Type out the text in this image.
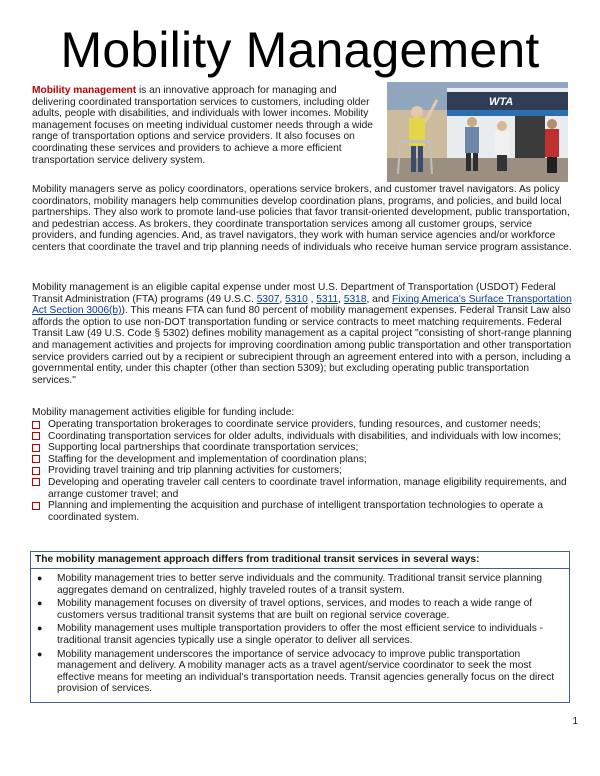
Mobility Management

Mobility management is an innovative approach for managing and delivering coordinated transportation services to customers, including older adults, people with disabilities, and individuals with lower incomes. Mobility management focuses on meeting individual customer needs through a wide range of transportation options and service providers. It also focuses on coordinating these services and providers to achieve a more efficient transportation service delivery system.

WTA

Mobility managers serve as policy coordinators, operations service brokers, and customer travel navigators. As policy coordinators, mobility managers help communities develop coordination plans, programs, and policies, and build local partnerships. They also work to promote land-use policies that favor transit-oriented development, public transportation, and pedestrian access. As brokers, they coordinate transportation services among all customer groups, service providers, and funding agencies. And, as travel navigators, they work with human service agencies and/or workforce centers that coordinate the travel and trip planning needs of individuals who receive human service program assistance.

Mobility management is an eligible capital expense under most U.S. Department of Transportation (USDOT) Federal Transit Administration (FTA) programs (49 U.S.C. 5307, 5310 , 5311, 5318, and Fixing America's Surface Transportation Act Section 3006(b)). This means FTA can fund 80 percent of mobility management expenses. Federal Transit Law also affords the option to use non-DOT transportation funding or service contracts to meet matching requirements. Federal Transit Law (49 U.S. Code § 5302) defines mobility management as a capital project "consisting of short-range planning and management activities and projects for improving coordination among public transportation and other transportation service providers carried out by a recipient or subrecipient through an agreement entered into with a person, including a governmental entity, under this chapter (other than section 5309); but excluding operating public transportation services."

Mobility management activities eligible for funding include:

Operating transportation brokerages to coordinate service providers, funding resources, and customer needs;
Coordinating transportation services for older adults, individuals with disabilities, and individuals with low incomes;
Supporting local partnerships that coordinate transportation services;
Staffing for the development and implementation of coordination plans;
Providing travel training and trip planning activities for customers;
Developing and operating traveler call centers to coordinate travel information, manage eligibility requirements, and arrange customer travel; and
Planning and implementing the acquisition and purchase of intelligent transportation technologies to operate a coordinated system.
The mobility management approach differs from traditional transit services in several ways:
●	Mobility management tries to better serve individuals and the community. Traditional transit service planning aggregates demand on centralized, highly traveled routes of a transit system.
●	Mobility management focuses on diversity of travel options, services, and modes to reach a wide range of customers versus traditional transit systems that are built on regional service coverage.
●	Mobility management uses multiple transportation providers to offer the most efficient service to individuals - traditional transit agencies typically use a single operator to deliver all services.
●	Mobility management underscores the importance of service advocacy to improve public transportation management and delivery. A mobility manager acts as a travel agent/service coordinator to seek the most effective means for meeting an individual's transportation needs. Transit agencies generally focus on the direct provision of services.
1
